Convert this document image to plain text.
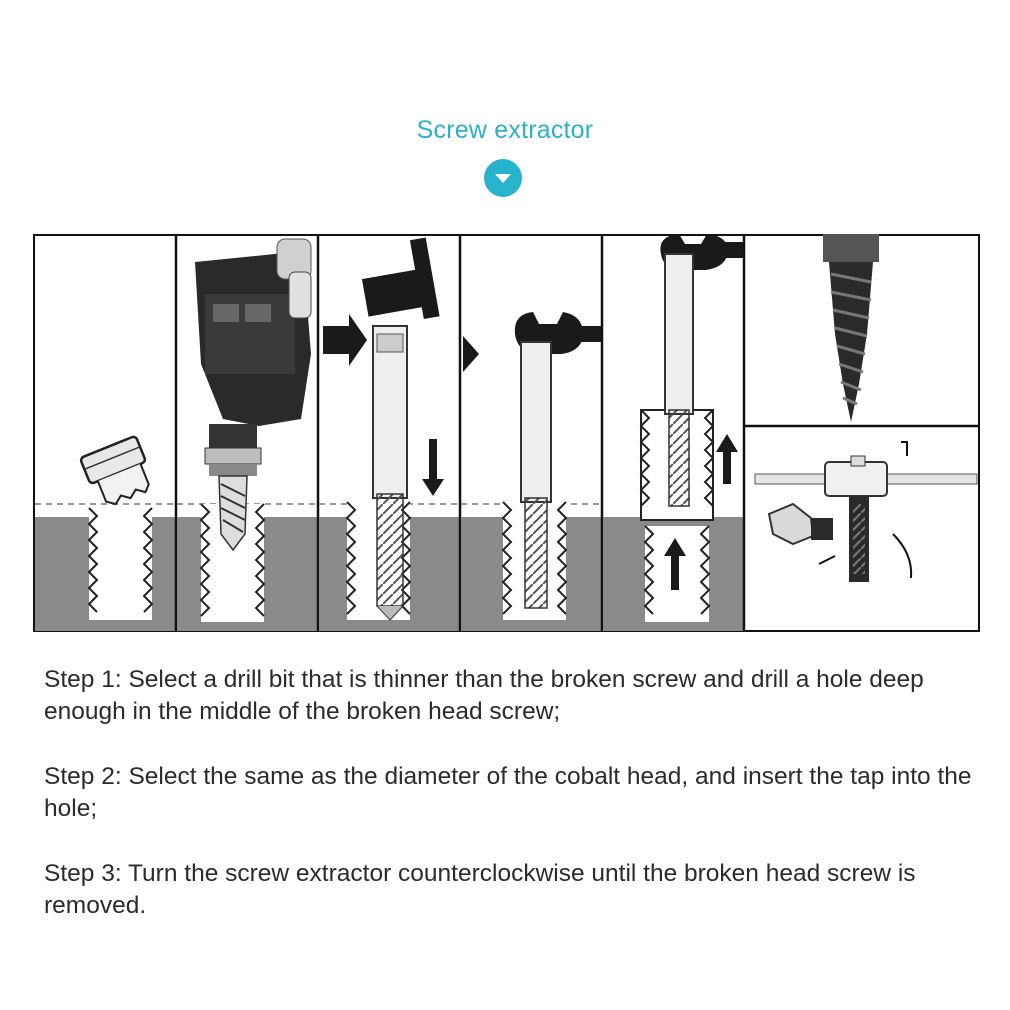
Screw extractor

Step 1: Select a drill bit that is thinner than the broken screw and drill a hole deep enough in the middle of the broken head screw;

Step 2: Select the same as the diameter of the cobalt head, and insert the tap into the hole;

Step 3: Turn the screw extractor counterclockwise until the broken head screw is removed.
